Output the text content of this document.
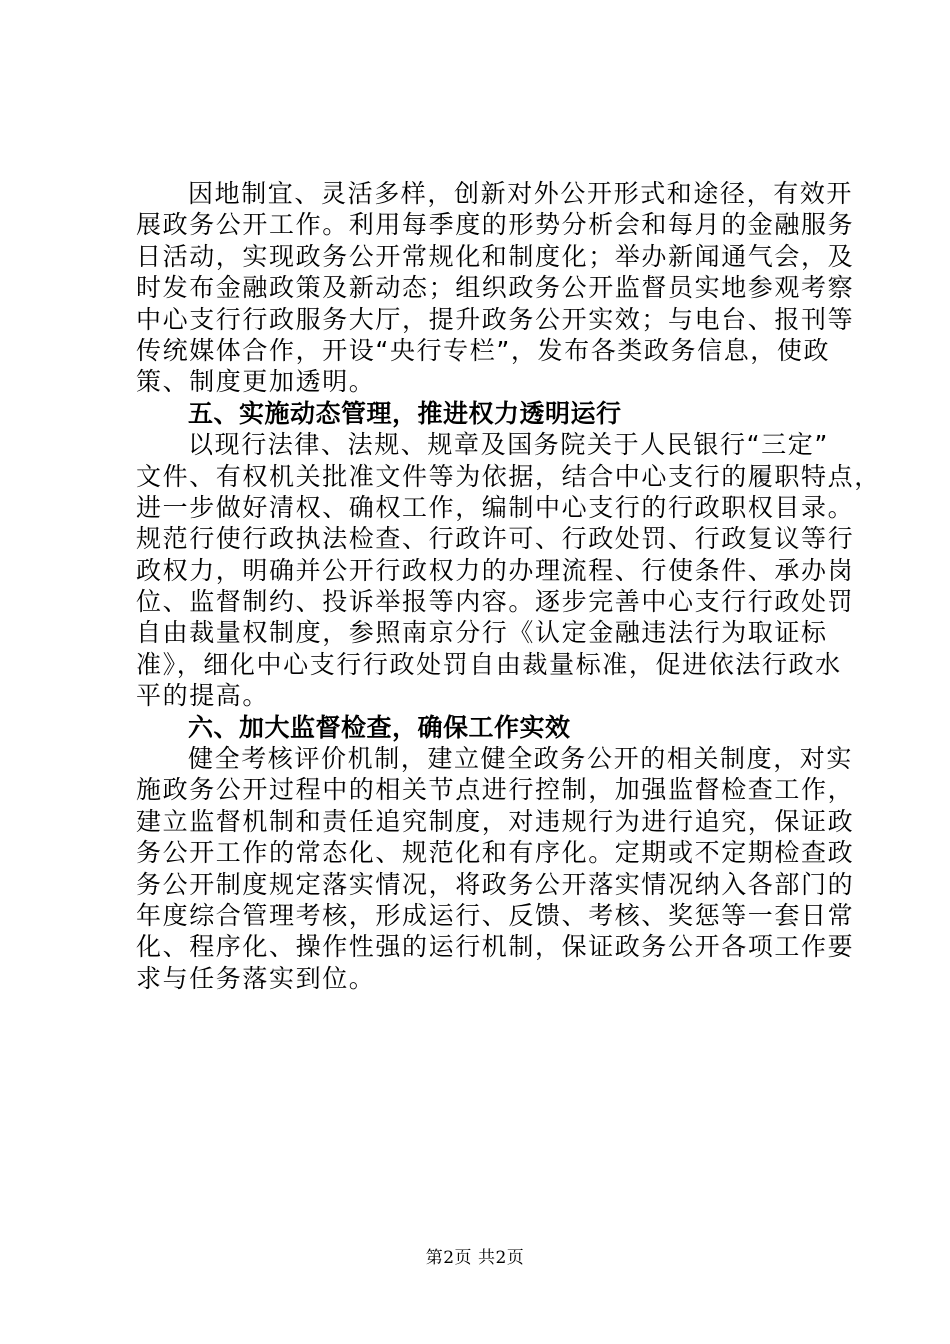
因地制宜、灵活多样，创新对外公开形式和途径，有效开
展政务公开工作。利用每季度的形势分析会和每月的金融服务
日活动，实现政务公开常规化和制度化；举办新闻通气会，及
时发布金融政策及新动态；组织政务公开监督员实地参观考察
中心支行行政服务大厅，提升政务公开实效；与电台、报刊等
传统媒体合作，开设“央行专栏”，发布各类政务信息，使政
策、制度更加透明。
五、实施动态管理，推进权力透明运行
以现行法律、法规、规章及国务院关于人民银行“三定”
文件、有权机关批准文件等为依据，结合中心支行的履职特点，
进一步做好清权、确权工作，编制中心支行的行政职权目录。
规范行使行政执法检查、行政许可、行政处罚、行政复议等行
政权力，明确并公开行政权力的办理流程、行使条件、承办岗
位、监督制约、投诉举报等内容。逐步完善中心支行行政处罚
自由裁量权制度，参照南京分行《认定金融违法行为取证标
准》，细化中心支行行政处罚自由裁量标准，促进依法行政水
平的提高。
六、加大监督检查，确保工作实效
健全考核评价机制，建立健全政务公开的相关制度，对实
施政务公开过程中的相关节点进行控制，加强监督检查工作，
建立监督机制和责任追究制度，对违规行为进行追究，保证政
务公开工作的常态化、规范化和有序化。定期或不定期检查政
务公开制度规定落实情况，将政务公开落实情况纳入各部门的
年度综合管理考核，形成运行、反馈、考核、奖惩等一套日常
化、程序化、操作性强的运行机制，保证政务公开各项工作要
求与任务落实到位。
第2页 共2页
